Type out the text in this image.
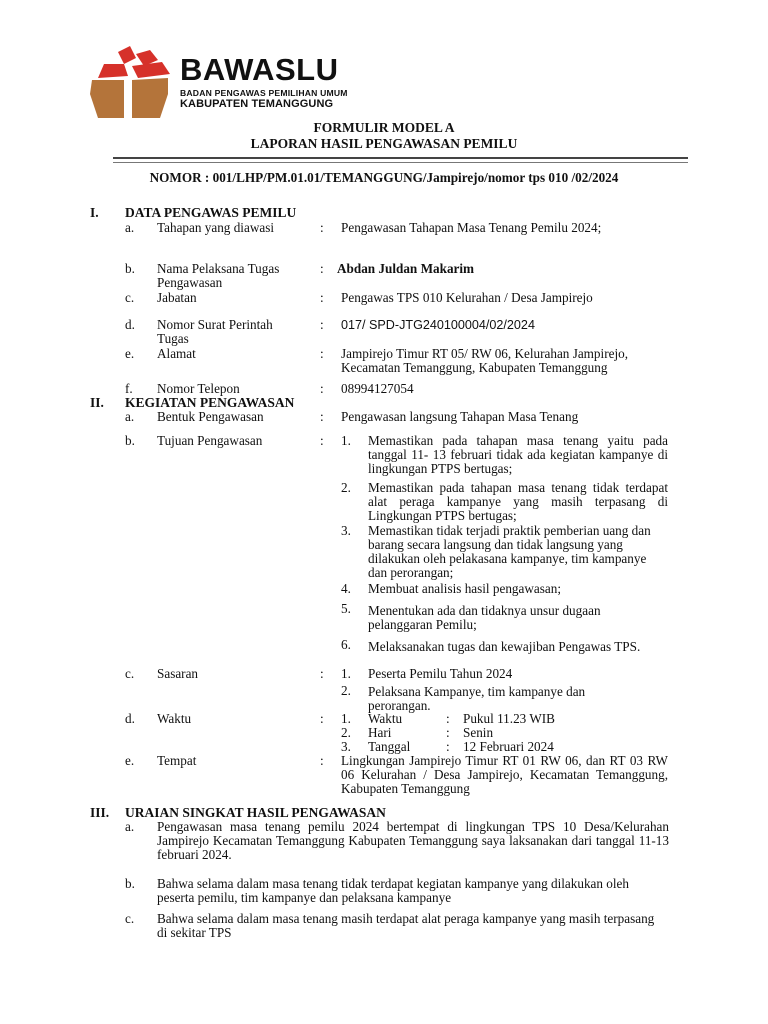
BAWASLU
BADAN PENGAWAS PEMILIHAN UMUM
KABUPATEN TEMANGGUNG
FORMULIR MODEL A
LAPORAN HASIL PENGAWASAN PEMILU
NOMOR : 001/LHP/PM.01.01/TEMANGGUNG/Jampirejo/nomor tps 010 /02/2024
I. DATA PENGAWAS PEMILU
a. Tahapan yang diawasi	: Pengawasan Tahapan Masa Tenang Pemilu 2024;
b. Nama Pelaksana Tugas Pengawasan
: Abdan Juldan Makarim
c. Jabatan	: Pengawas TPS 010 Kelurahan / Desa Jampirejo
d. Nomor Surat Perintah Tugas
: 017/ SPD-JTG240100004/02/2024
e. Alamat	: Jampirejo Timur RT 05/ RW 06, Kelurahan Jampirejo, Kecamatan Temanggung, Kabupaten Temanggung
f. Nomor Telepon	: 08994127054
II. KEGIATAN PENGAWASAN
a. Bentuk Pengawasan	: Pengawasan langsung Tahapan Masa Tenang
b. Tujuan Pengawasan	: 1. Memastikan pada tahapan masa tenang yaitu pada tanggal 11- 13 februari tidak ada kegiatan kampanye di lingkungan PTPS bertugas;
2. Memastikan pada tahapan masa tenang tidak terdapat alat peraga kampanye yang masih terpasang di Lingkungan PTPS bertugas;
3. Memastikan tidak terjadi praktik pemberian uang dan barang secara langsung dan tidak langsung yang dilakukan oleh pelakasana kampanye, tim kampanye dan perorangan;
4. Membuat analisis hasil pengawasan;
5. Menentukan ada dan tidaknya unsur dugaan pelanggaran Pemilu;
6. Melaksanakan tugas dan kewajiban Pengawas TPS.
c. Sasaran	: 1. Peserta Pemilu Tahun 2024
2. Pelaksana Kampanye, tim kampanye dan perorangan.
d. Waktu	: 1. Waktu	: Pukul 11.23 WIB
2. Hari	: Senin
3. Tanggal	: 12 Februari 2024
e. Tempat	: Lingkungan Jampirejo Timur RT 01 RW 06, dan RT 03 RW 06 Kelurahan / Desa Jampirejo, Kecamatan Temanggung, Kabupaten Temanggung
III. URAIAN SINGKAT HASIL PENGAWASAN
a. Pengawasan masa tenang pemilu 2024 bertempat di lingkungan TPS 10 Desa/Kelurahan Jampirejo Kecamatan Temanggung Kabupaten Temanggung saya laksanakan dari tanggal 11-13 februari 2024.
b. Bahwa selama dalam masa tenang tidak terdapat kegiatan kampanye yang dilakukan oleh peserta pemilu, tim kampanye dan pelaksana kampanye
c. Bahwa selama dalam masa tenang masih terdapat alat peraga kampanye yang masih terpasang di sekitar TPS
